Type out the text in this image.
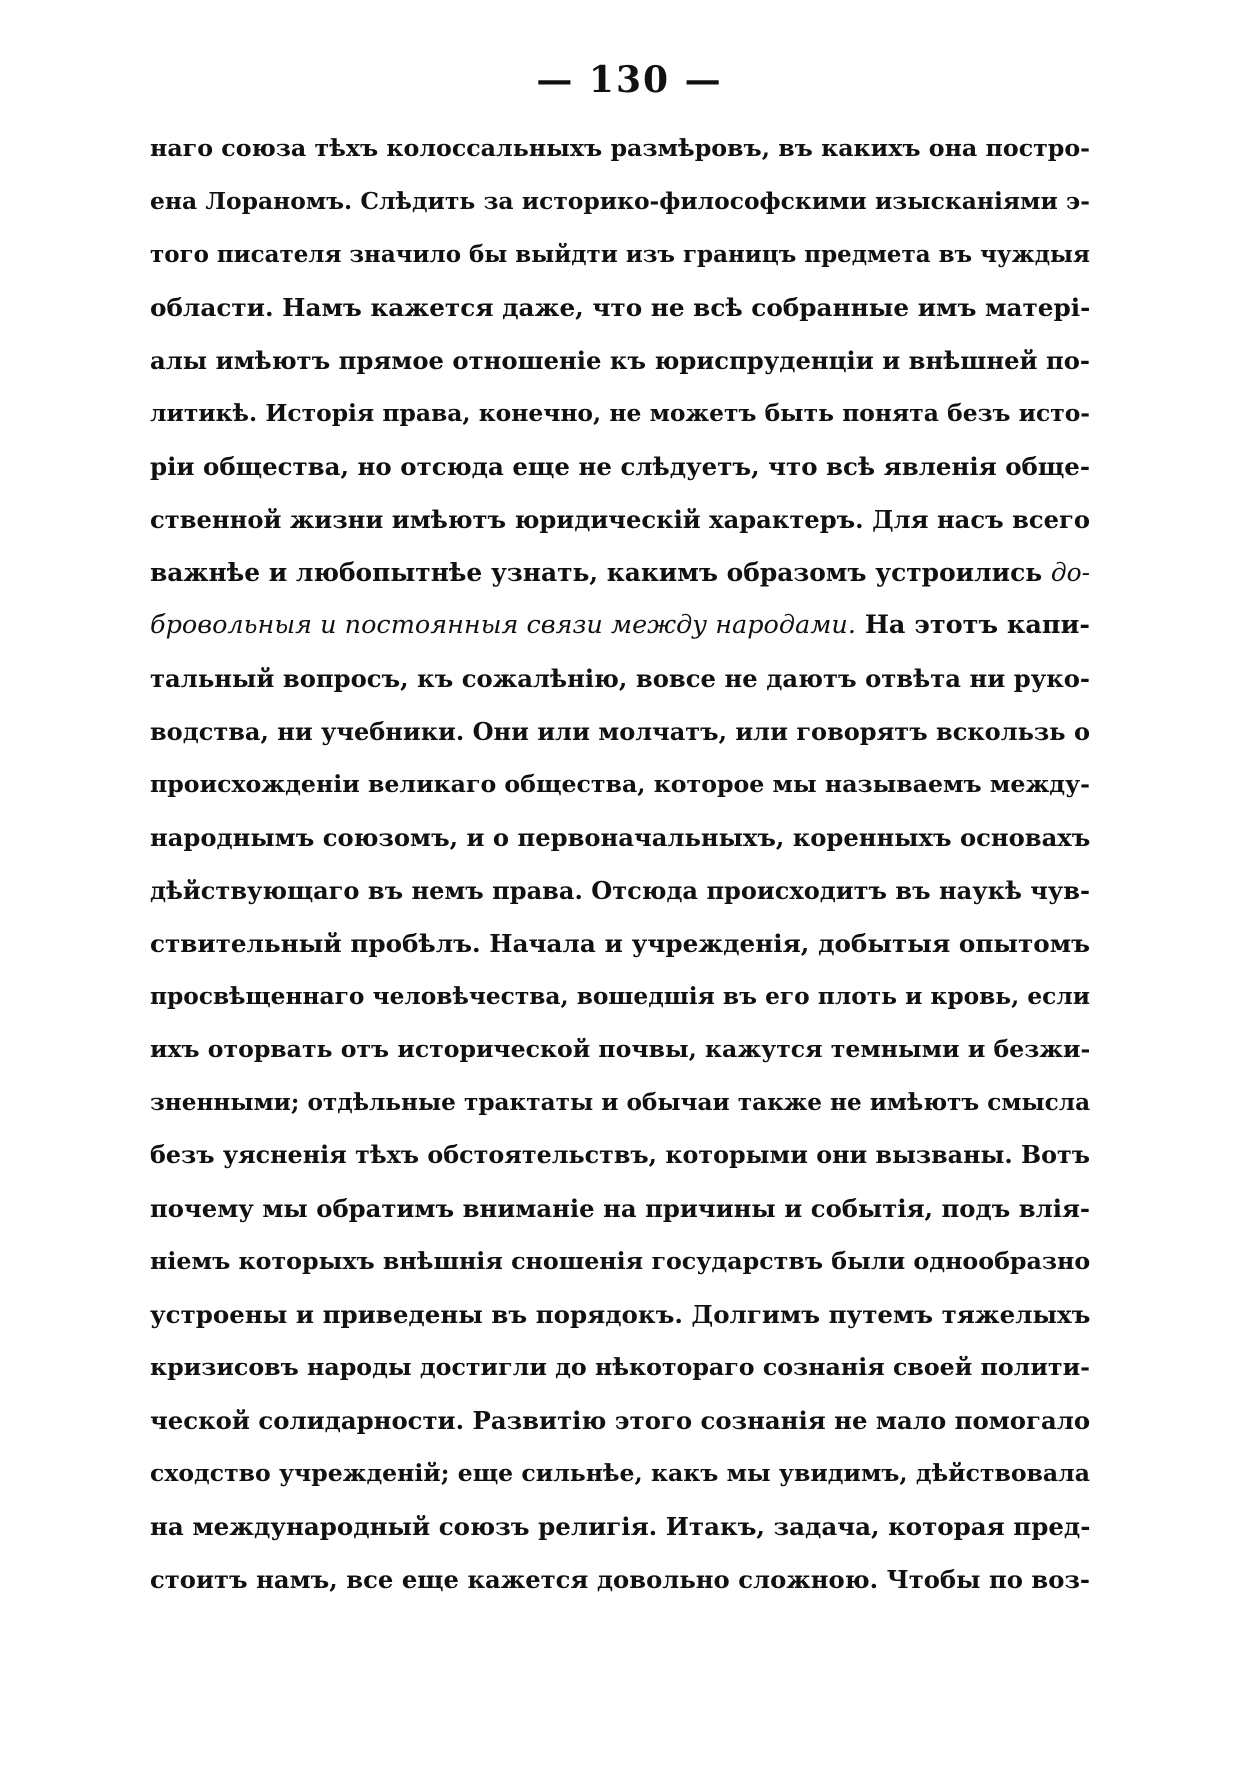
— 130 —
наго союза тѣхъ колоссальныхъ размѣровъ, въ какихъ она постро-
ена Лораномъ. Слѣдить за историко-философскими изысканіями э-
того писателя значило бы выйдти изъ границъ предмета въ чуждыя
области. Намъ кажется даже, что не всѣ собранные имъ матері-
алы имѣютъ прямое отношеніе къ юриспруденціи и внѣшней по-
литикѣ. Исторія права, конечно, не можетъ быть понята безъ исто-
ріи общества, но отсюда еще не слѣдуетъ, что всѣ явленія обще-
ственной жизни имѣютъ юридическій характеръ. Для насъ всего
важнѣе и любопытнѣе узнать, какимъ образомъ устроились до-
бровольныя и постоянныя связи между народами. На этотъ капи-
тальный вопросъ, къ сожалѣнію, вовсе не даютъ отвѣта ни руко-
водства, ни учебники. Они или молчатъ, или говорятъ вскользь о
происхожденіи великаго общества, которое мы называемъ между-
народнымъ союзомъ, и о первоначальныхъ, коренныхъ основахъ
дѣйствующаго въ немъ права. Отсюда происходитъ въ наукѣ чув-
ствительный пробѣлъ. Начала и учрежденія, добытыя опытомъ
просвѣщеннаго человѣчества, вошедшія въ его плоть и кровь, если
ихъ оторвать отъ исторической почвы, кажутся темными и безжи-
зненными; отдѣльные трактаты и обычаи также не имѣютъ смысла
безъ уясненія тѣхъ обстоятельствъ, которыми они вызваны. Вотъ
почему мы обратимъ вниманіе на причины и событія, подъ влія-
ніемъ которыхъ внѣшнія сношенія государствъ были однообразно
устроены и приведены въ порядокъ. Долгимъ путемъ тяжелыхъ
кризисовъ народы достигли до нѣкотораго сознанія своей полити-
ческой солидарности. Развитію этого сознанія не мало помогало
сходство учрежденій; еще сильнѣе, какъ мы увидимъ, дѣйствовала
на международный союзъ религія. Итакъ, задача, которая пред-
стоитъ намъ, все еще кажется довольно сложною. Чтобы по воз-
